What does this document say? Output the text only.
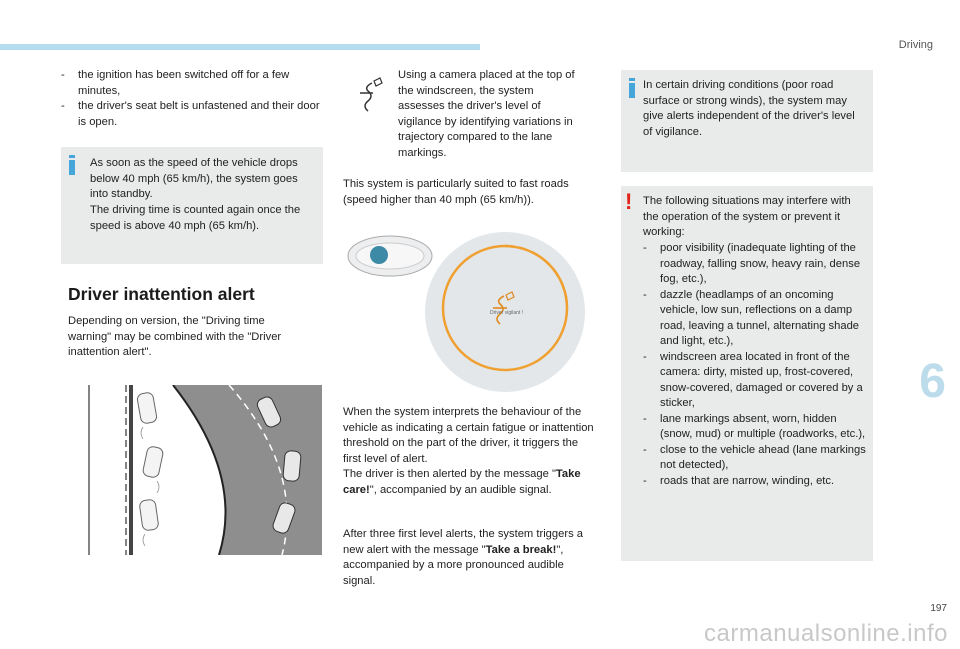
Driving
6
197
carmanualsonline.info
- the ignition has been switched off for a few minutes,
- the driver's seat belt is unfastened and their door is open.

As soon as the speed of the vehicle drops below 40 mph (65 km/h), the system goes into standby.

The driving time is counted again once the speed is above 40 mph (65 km/h).

Driver inattention alert

Depending on version, the "Driving time warning" may be combined with the "Driver inattention alert".

Using a camera placed at the top of the windscreen, the system assesses the driver's level of vigilance by identifying variations in trajectory compared to the lane markings.

This system is particularly suited to fast roads (speed higher than 40 mph (65 km/h)).

Driver vigilant !

When the system interprets the behaviour of the vehicle as indicating a certain fatigue or inattention threshold on the part of the driver, it triggers the first level of alert.

The driver is then alerted by the message "Take care!", accompanied by an audible signal.

After three first level alerts, the system triggers a new alert with the message "Take a break!", accompanied by a more pronounced audible signal.

In certain driving conditions (poor road surface or strong winds), the system may give alerts independent of the driver's level of vigilance.

! The following situations may interfere with the operation of the system or prevent it working:

- poor visibility (inadequate lighting of the roadway, falling snow, heavy rain, dense fog, etc.),
- dazzle (headlamps of an oncoming vehicle, low sun, reflections on a damp road, leaving a tunnel, alternating shade and light, etc.),
- windscreen area located in front of the camera: dirty, misted up, frost-covered, snow-covered, damaged or covered by a sticker,
- lane markings absent, worn, hidden (snow, mud) or multiple (roadworks, etc.),
- close to the vehicle ahead (lane markings not detected),
- roads that are narrow, winding, etc.
